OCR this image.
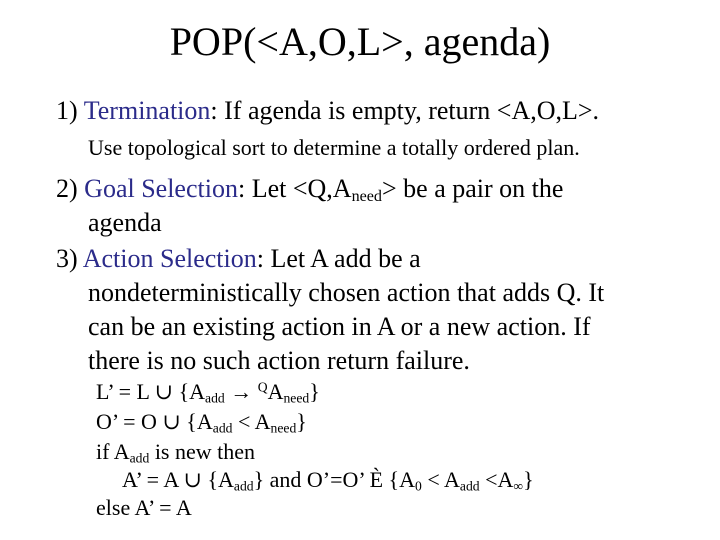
POP(<A,O,L>, agenda)
1) Termination: If agenda is empty, return <A,O,L>.
Use topological sort to determine a totally ordered plan.
2) Goal Selection: Let $<Q,A_{need}>$ be a pair on the
agenda
3) Action Selection: Let A add be a
nondeterministically chosen action that adds Q. It
can be an existing action in A or a new action. If
there is no such action return failure.
L’ = L ∪ $\{A_{add} \to ^QA_{need}\}$
O’ = O ∪ $\{A_{add} < A_{need}\}$
if $A_{add}$ is new then
A’ = A ∪ $\{A_{add}\}$ and O’=O’ È $\{A_0 < A_{add} <A_\infty\}$
else A’ = A
